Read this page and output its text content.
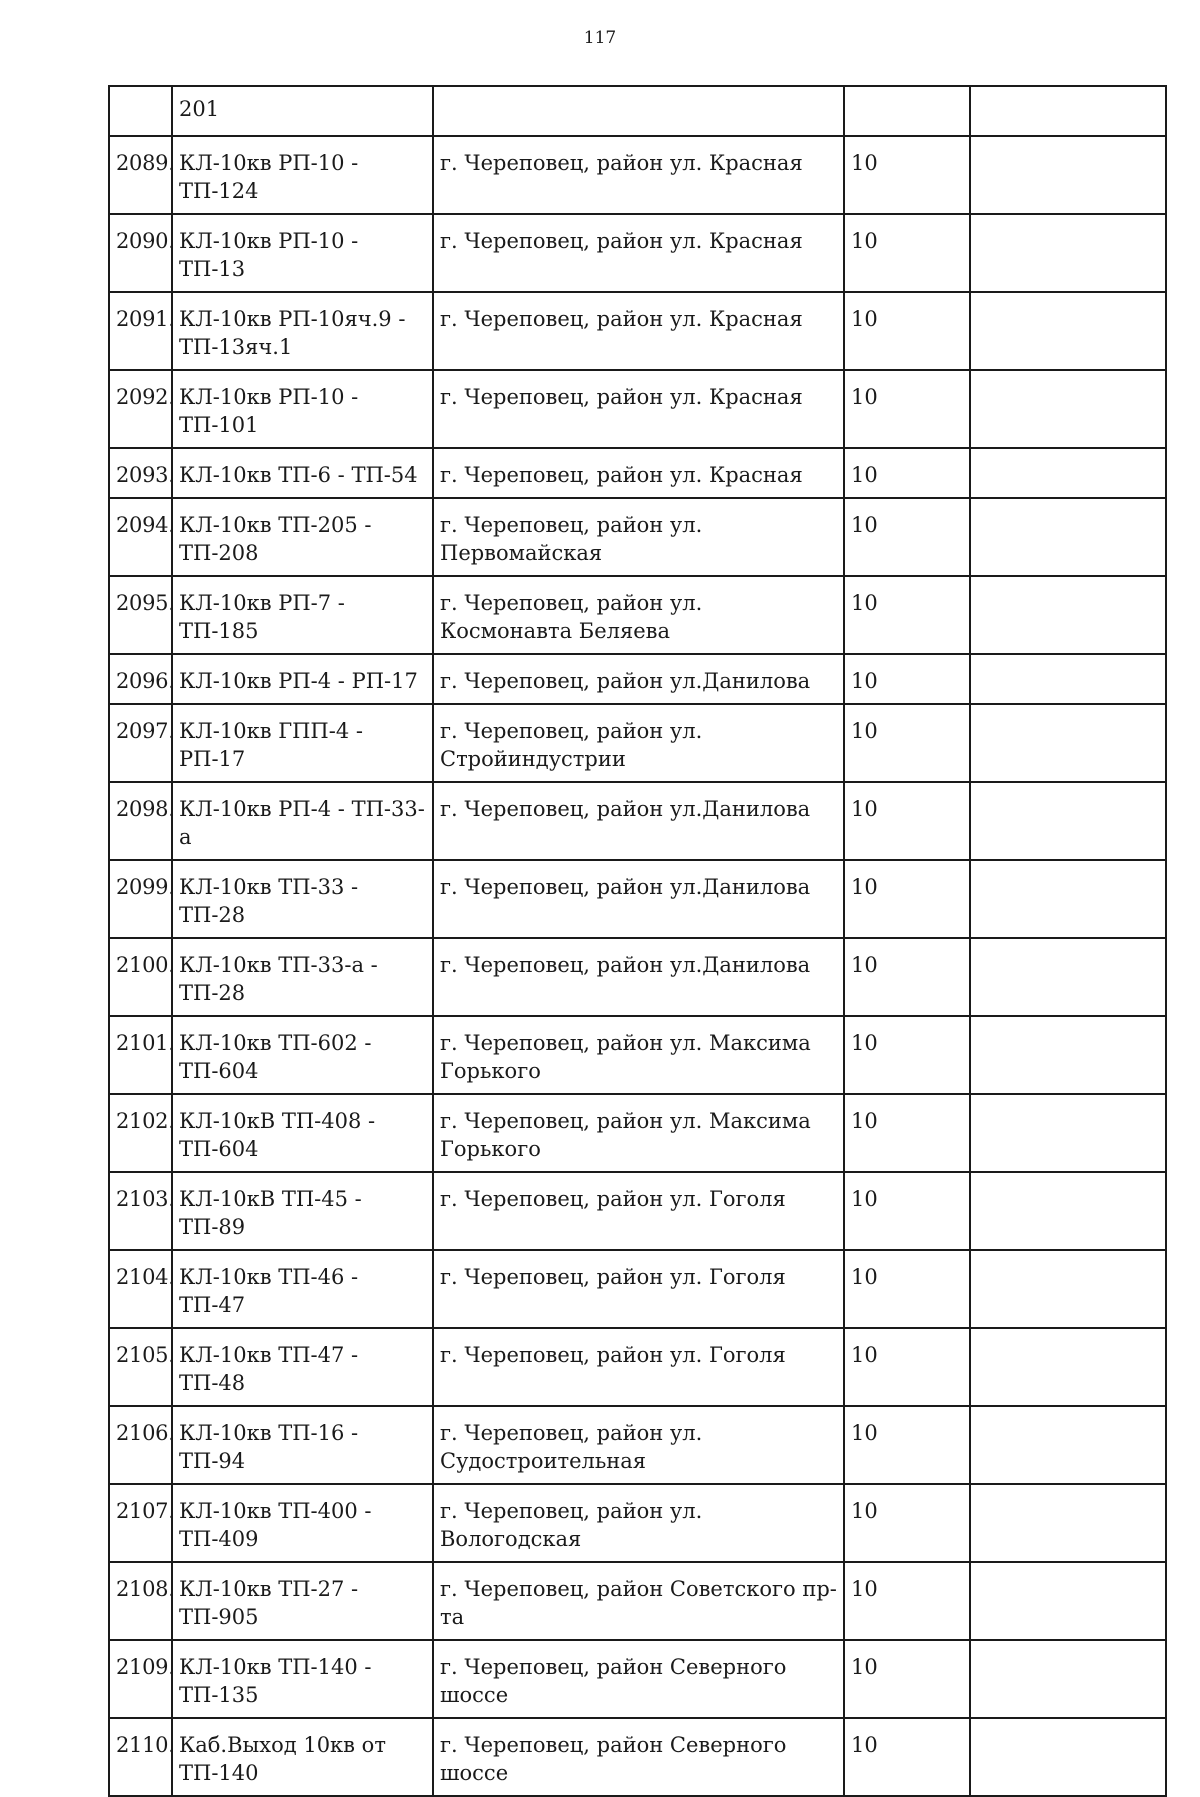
117
	201			
2089.	КЛ-10кв РП-10 - ТП-124	г. Череповец, район ул. Красная	10	
2090.	КЛ-10кв РП-10 - ТП-13	г. Череповец, район ул. Красная	10	
2091.	КЛ-10кв РП-10яч.9 - ТП-13яч.1	г. Череповец, район ул. Красная	10	
2092.	КЛ-10кв РП-10 - ТП-101	г. Череповец, район ул. Красная	10	
2093.	КЛ-10кв ТП-6 - ТП-54	г. Череповец, район ул. Красная	10	
2094.	КЛ-10кв ТП-205 - ТП-208	г. Череповец, район ул. Первомайская	10	
2095.	КЛ-10кв РП-7 - ТП-185	г. Череповец, район ул. Космонавта Беляева	10	
2096.	КЛ-10кв РП-4 - РП-17	г. Череповец, район ул.Данилова	10	
2097.	КЛ-10кв ГПП-4 - РП-17	г. Череповец, район ул. Стройиндустрии	10	
2098.	КЛ-10кв РП-4 - ТП-33-а	г. Череповец, район ул.Данилова	10	
2099.	КЛ-10кв ТП-33 - ТП-28	г. Череповец, район ул.Данилова	10	
2100.	КЛ-10кв ТП-33-а - ТП-28	г. Череповец, район ул.Данилова	10	
2101.	КЛ-10кв ТП-602 - ТП-604	г. Череповец, район ул. Максима Горького	10	
2102.	КЛ-10кВ ТП-408 - ТП-604	г. Череповец, район ул. Максима Горького	10	
2103.	КЛ-10кВ ТП-45 - ТП-89	г. Череповец, район ул. Гоголя	10	
2104.	КЛ-10кв ТП-46 - ТП-47	г. Череповец, район ул. Гоголя	10	
2105.	КЛ-10кв ТП-47 - ТП-48	г. Череповец, район ул. Гоголя	10	
2106.	КЛ-10кв ТП-16 - ТП-94	г. Череповец, район ул. Судостроительная	10	
2107.	КЛ-10кв ТП-400 - ТП-409	г. Череповец, район ул. Вологодская	10	
2108.	КЛ-10кв ТП-27 - ТП-905	г. Череповец, район Советского пр-та	10	
2109.	КЛ-10кв ТП-140 - ТП-135	г. Череповец, район Северного шоссе	10	
2110.	Каб.Выход 10кв от ТП-140	г. Череповец, район Северного шоссе	10	
